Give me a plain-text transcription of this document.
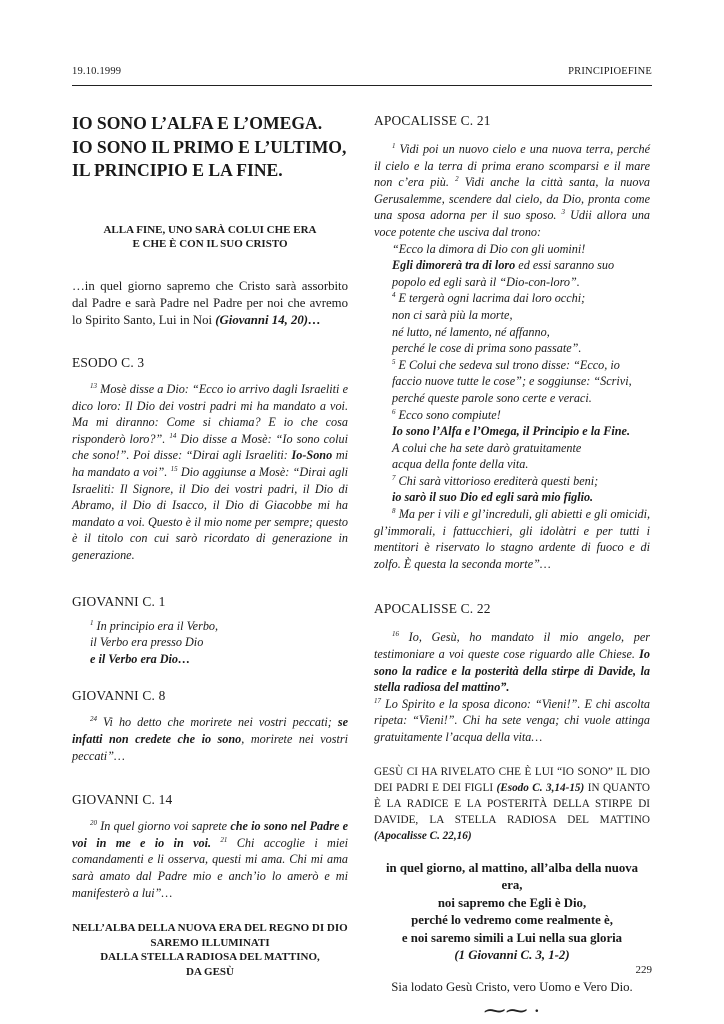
19.10.1999	PRINCIPIOEFINE
IO SONO L’ALFA E L’OMEGA.
IO SONO IL PRIMO E L’ULTIMO,
IL PRINCIPIO E LA FINE.
ALLA FINE, UNO SARÀ COLUI CHE ERA
E CHE È CON IL SUO CRISTO

…in quel giorno sapremo che Cristo sarà assorbito dal Padre e sarà Padre nel Padre per noi che avremo lo Spirito Santo, Lui in Noi (Giovanni 14, 20)…

ESODO C. 3

$^{13}$ Mosè disse a Dio: “Ecco io arrivo dagli Israeliti e dico loro: Il Dio dei vostri padri mi ha mandato a voi. Ma mi diranno: Come si chiama? E io che cosa risponderò loro?”. $^{14}$ Dio disse a Mosè: “Io sono colui che sono!”. Poi disse: “Dirai agli Israeliti: Io-Sono mi ha mandato a voi”. $^{15}$ Dio aggiunse a Mosè: “Dirai agli Israeliti: Il Signore, il Dio dei vostri padri, il Dio di Abramo, il Dio di Isacco, il Dio di Giacobbe mi ha mandato a voi. Questo è il mio nome per sempre; questo è il titolo con cui sarò ricordato di generazione in generazione.

GIOVANNI C. 1
$^1$ In principio era il Verbo,
il Verbo era presso Dio
e il Verbo era Dio…
GIOVANNI C. 8

$^{24}$ Vi ho detto che morirete nei vostri peccati; se infatti non credete che io sono, morirete nei vostri peccati”…

GIOVANNI C. 14

$^{20}$ In quel giorno voi saprete che io sono nel Padre e voi in me e io in voi. $^{21}$ Chi accoglie i miei comandamenti e li osserva, questi mi ama. Chi mi ama sarà amato dal Padre mio e anch’io lo amerò e mi manifesterò a lui”…

NELL’ALBA DELLA NUOVA ERA DEL REGNO DI DIO
SAREMO ILLUMINATI
DALLA STELLA RADIOSA DEL MATTINO,
DA GESÙ
APOCALISSE C. 21

$^1$ Vidi poi un nuovo cielo e una nuova terra, perché il cielo e la terra di prima erano scomparsi e il mare non c’era più. $^2$ Vidi anche la città santa, la nuova Gerusalemme, scendere dal cielo, da Dio, pronta come una sposa adorna per il suo sposo. $^3$ Udii allora una voce potente che usciva dal trono:

“Ecco la dimora di Dio con gli uomini!
Egli dimorerà tra di loro ed essi saranno suo popolo ed egli sarà il “Dio-con-loro”.
$^4$ E tergerà ogni lacrima dai loro occhi;
non ci sarà più la morte,
né lutto, né lamento, né affanno,
perché le cose di prima sono passate”.
$^5$ E Colui che sedeva sul trono disse: “Ecco, io faccio nuove tutte le cose”; e soggiunse: “Scrivi, perché queste parole sono certe e veraci.
$^6$ Ecco sono compiute!
Io sono l’Alfa e l’Omega, il Principio e la Fine.
A colui che ha sete darò gratuitamente
acqua della fonte della vita.
$^7$ Chi sarà vittorioso erediterà questi beni;
io sarò il suo Dio ed egli sarà mio figlio.

$^8$ Ma per i vili e gl’increduli, gli abietti e gli omicidi, gl’immorali, i fattucchieri, gli idolàtri e per tutti i mentitori è riservato lo stagno ardente di fuoco e di zolfo. È questa la seconda morte”…

APOCALISSE C. 22

$^{16}$ Io, Gesù, ho mandato il mio angelo, per testimoniare a voi queste cose riguardo alle Chiese. Io sono la radice e la posterità della stirpe di Davide, la stella radiosa del mattino”.

$^{17}$ Lo Spirito e la sposa dicono: “Vieni!”. E chi ascolta ripeta: “Vieni!”. Chi ha sete venga; chi vuole attinga gratuitamente l’acqua della vita…

GESÙ CI HA RIVELATO CHE È LUI “IO SONO” IL DIO DEI PADRI E DEI FIGLI (Esodo C. 3,14-15) IN QUANTO È LA RADICE E LA POSTERITÀ DELLA STIRPE DI DAVIDE, LA STELLA RADIOSA DEL MATTINO (Apocalisse C. 22,16)

in quel giorno, al mattino, all’alba della nuova era,
noi sapremo che Egli è Dio,
perché lo vedremo come realmente è,
e noi saremo simili a Lui nella sua gloria
(1 Giovanni C. 3, 1-2)
Sia lodato Gesù Cristo, vero Uomo e Vero Dio.
⁓⁓ ·
229
